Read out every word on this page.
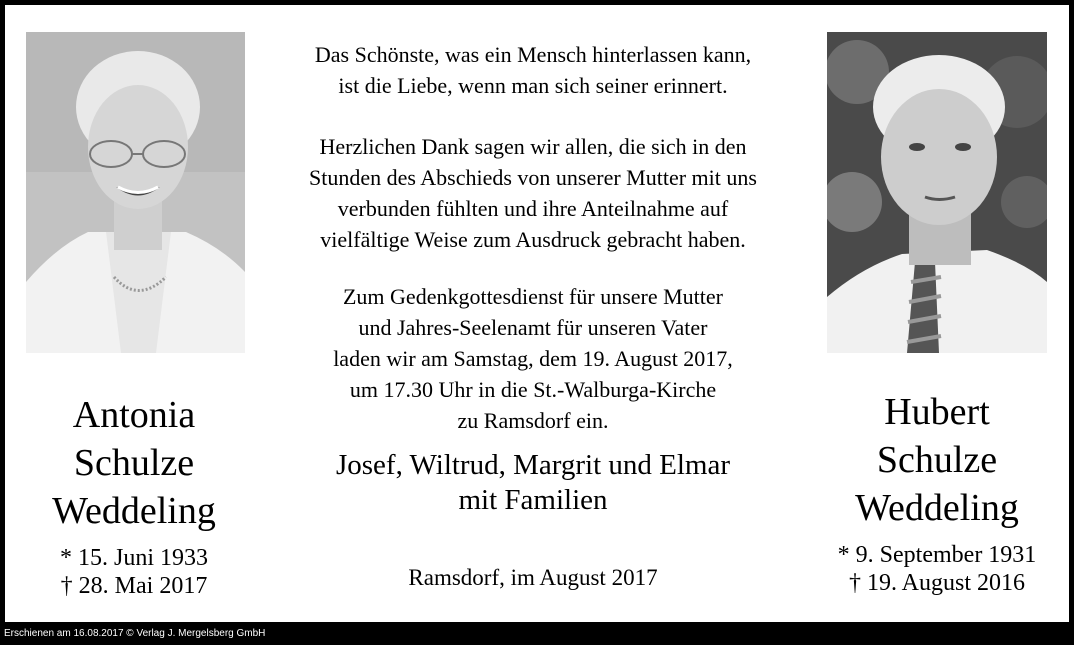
Antonia
Schulze
Weddeling
* 15. Juni 1933
† 28. Mai 2017
Hubert
Schulze
Weddeling
* 9. September 1931
† 19. August 2016
Das Schönste, was ein Mensch hinterlassen kann,
ist die Liebe, wenn man sich seiner erinnert.
Herzlichen Dank sagen wir allen, die sich in den
Stunden des Abschieds von unserer Mutter mit uns
verbunden fühlten und ihre Anteilnahme auf
vielfältige Weise zum Ausdruck gebracht haben.
Zum Gedenkgottesdienst für unsere Mutter
und Jahres-Seelenamt für unseren Vater
laden wir am Samstag, dem 19. August 2017,
um 17.30 Uhr in die St.-Walburga-Kirche
zu Ramsdorf ein.
Josef, Wiltrud, Margrit und Elmar
mit Familien
Ramsdorf, im August 2017
Erschienen am 16.08.2017 © Verlag J. Mergelsberg GmbH
